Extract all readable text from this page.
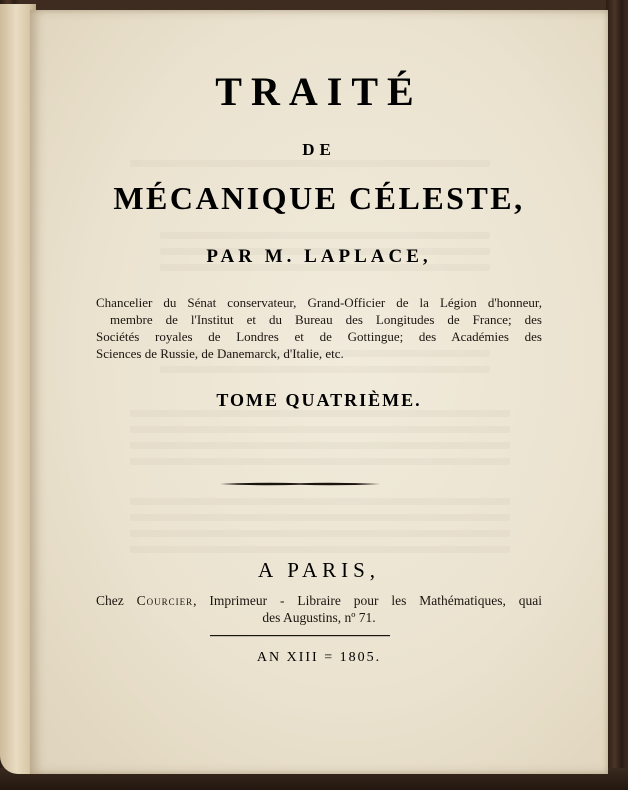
TRAITÉ
DE
MÉCANIQUE CÉLESTE,
PAR M. LAPLACE,
Chancelier du Sénat conservateur, Grand-Officier de la Légion d'honneur,
membre de l'Institut et du Bureau des Longitudes de France; des
Sociétés royales de Londres et de Gottingue; des Académies des
Sciences de Russie, de Danemarck, d'Italie, etc.
TOME QUATRIÈME.
A PARIS,
Chez Courcier, Imprimeur - Libraire pour les Mathématiques, quai
des Augustins, nº 71.
AN XIII = 1805.
